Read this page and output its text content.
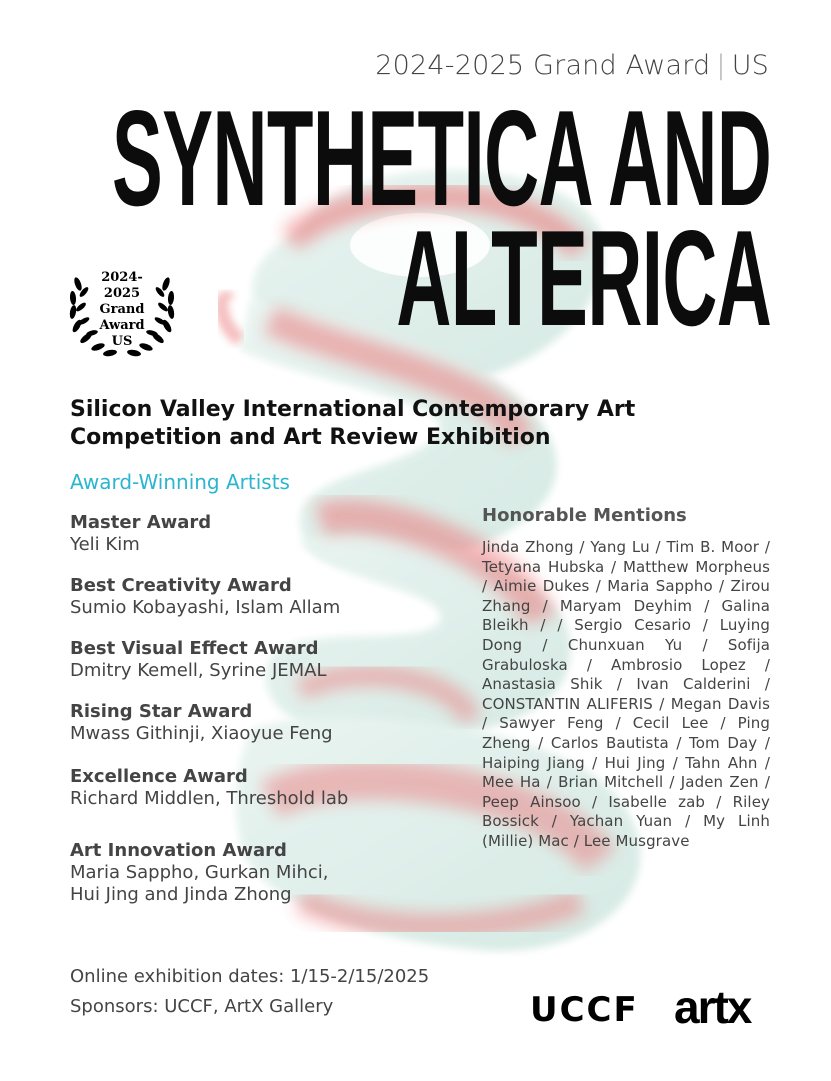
2024-2025 Grand Award | US
SYNTHETICA AND
ALTERICA
2024-
2025
Grand
Award
US
Silicon Valley International Contemporary Art
Competition and Art Review Exhibition
Award-Winning Artists
Master Award
Yeli Kim
Best Creativity Award
Sumio Kobayashi, Islam Allam
Best Visual Effect Award
Dmitry Kemell, Syrine JEMAL
Rising Star Award
Mwass Githinji, Xiaoyue Feng
Excellence Award
Richard Middlen, Threshold lab
Art Innovation Award
Maria Sappho, Gurkan Mihci,
Hui Jing and Jinda Zhong
Honorable Mentions
Jinda Zhong / Yang Lu / Tim B. Moor / Tetyana Hubska / Matthew Morpheus / Aimie Dukes / Maria Sappho / Zirou Zhang / Maryam Deyhim / Galina Bleikh / / Sergio Cesario / Luying Dong / Chunxuan Yu / Sofija Grabuloska / Ambrosio Lopez / Anastasia Shik / Ivan Calderini / CONSTANTIN ALIFERIS / Megan Davis / Sawyer Feng / Cecil Lee / Ping Zheng / Carlos Bautista / Tom Day / Haiping Jiang / Hui Jing / Tahn Ahn / Mee Ha / Brian Mitchell / Jaden Zen / Peep Ainsoo / Isabelle zab / Riley Bossick / Yachan Yuan / My Linh (Millie) Mac / Lee Musgrave
Online exhibition dates: 1/15-2/15/2025
Sponsors: UCCF, ArtX Gallery	UCCF artx
